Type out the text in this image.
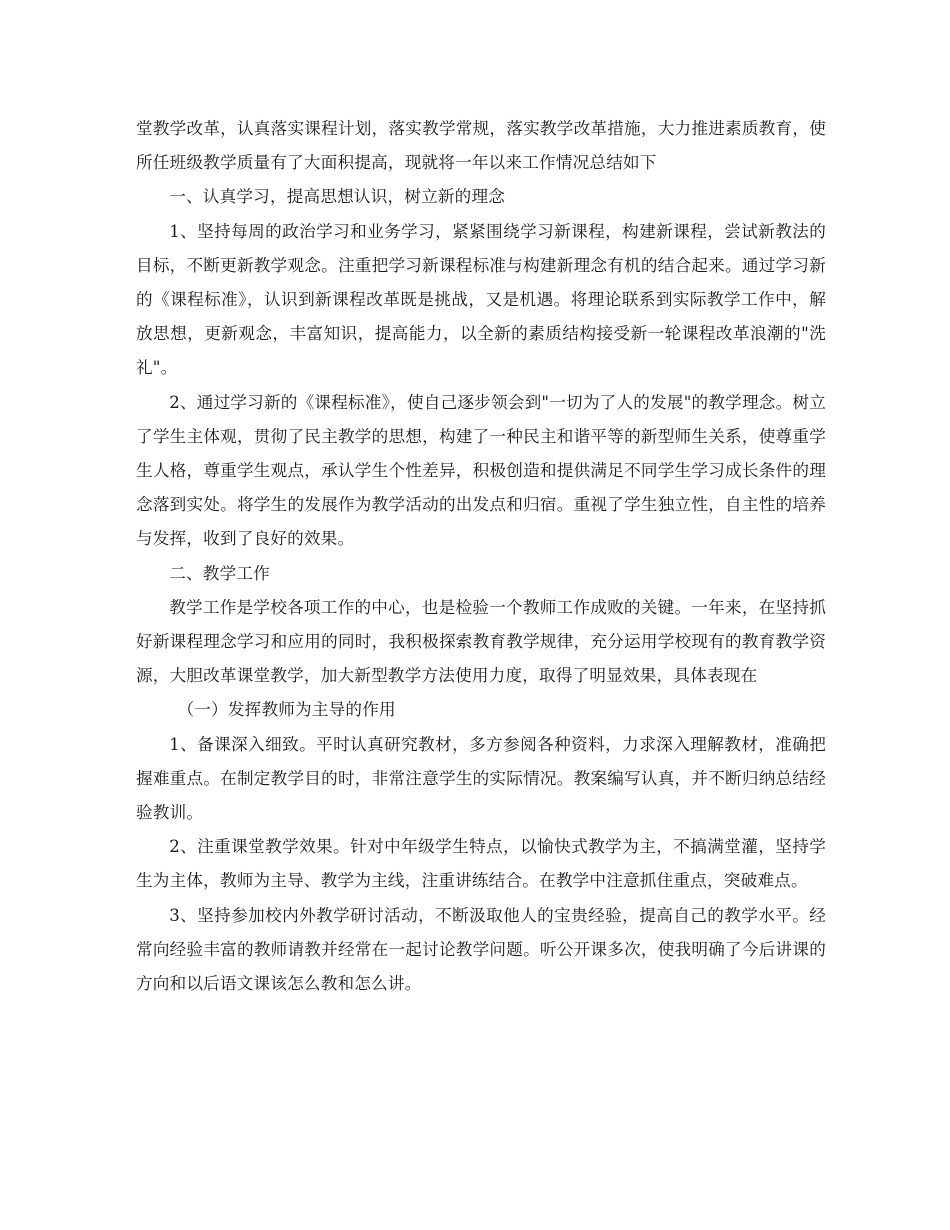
堂教学改革，认真落实课程计划，落实教学常规，落实教学改革措施，大力推进素质教育，使所任班级教学质量有了大面积提高，现就将一年以来工作情况总结如下

一、认真学习，提高思想认识，树立新的理念

1、坚持每周的政治学习和业务学习，紧紧围绕学习新课程，构建新课程，尝试新教法的目标，不断更新教学观念。注重把学习新课程标准与构建新理念有机的结合起来。通过学习新的《课程标准》，认识到新课程改革既是挑战，又是机遇。将理论联系到实际教学工作中，解放思想，更新观念，丰富知识，提高能力，以全新的素质结构接受新一轮课程改革浪潮的"洗礼"。

2、通过学习新的《课程标准》，使自己逐步领会到"一切为了人的发展"的教学理念。树立了学生主体观，贯彻了民主教学的思想，构建了一种民主和谐平等的新型师生关系，使尊重学生人格，尊重学生观点，承认学生个性差异，积极创造和提供满足不同学生学习成长条件的理念落到实处。将学生的发展作为教学活动的出发点和归宿。重视了学生独立性，自主性的培养与发挥，收到了良好的效果。

二、教学工作

教学工作是学校各项工作的中心，也是检验一个教师工作成败的关键。一年来，在坚持抓好新课程理念学习和应用的同时，我积极探索教育教学规律，充分运用学校现有的教育教学资源，大胆改革课堂教学，加大新型教学方法使用力度，取得了明显效果，具体表现在

（一）发挥教师为主导的作用

1、备课深入细致。平时认真研究教材，多方参阅各种资料，力求深入理解教材，准确把握难重点。在制定教学目的时，非常注意学生的实际情况。教案编写认真，并不断归纳总结经验教训。

2、注重课堂教学效果。针对中年级学生特点，以愉快式教学为主，不搞满堂灌，坚持学生为主体，教师为主导、教学为主线，注重讲练结合。在教学中注意抓住重点，突破难点。

3、坚持参加校内外教学研讨活动，不断汲取他人的宝贵经验，提高自己的教学水平。经常向经验丰富的教师请教并经常在一起讨论教学问题。听公开课多次，使我明确了今后讲课的方向和以后语文课该怎么教和怎么讲。
